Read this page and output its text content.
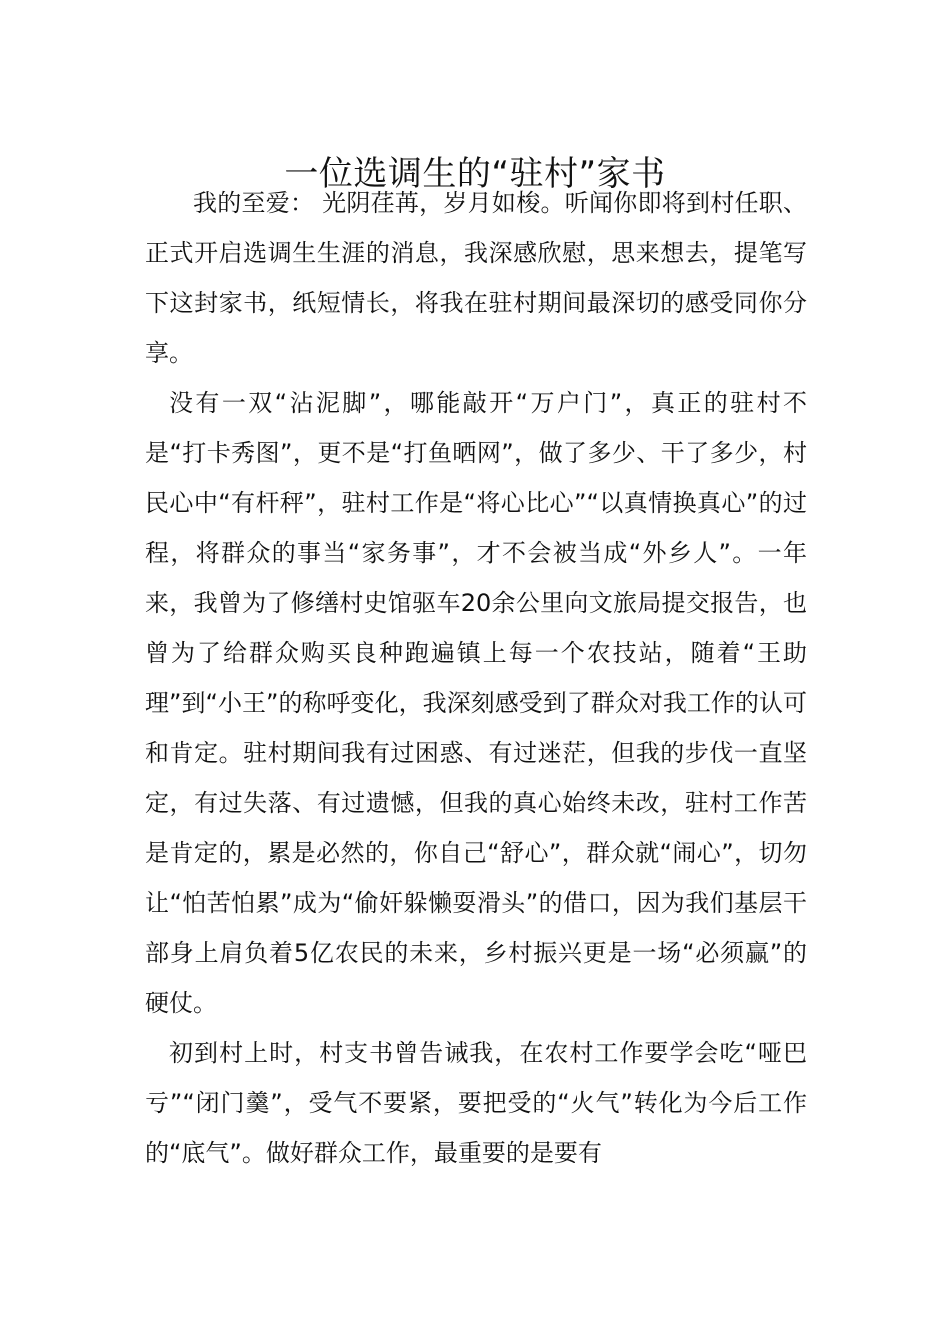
一位选调生的“驻村”家书

我的至爱： 光阴荏苒，岁月如梭。听闻你即将到村任职、正式开启选调生生涯的消息，我深感欣慰，思来想去，提笔写下这封家书，纸短情长，将我在驻村期间最深切的感受同你分享。

没有一双“沾泥脚”，哪能敲开“万户门”，真正的驻村不是“打卡秀图”，更不是“打鱼晒网”，做了多少、干了多少，村民心中“有杆秤”，驻村工作是“将心比心”“以真情换真心”的过程，将群众的事当“家务事”，才不会被当成“外乡人”。一年来，我曾为了修缮村史馆驱车20余公里向文旅局提交报告，也曾为了给群众购买良种跑遍镇上每一个农技站，随着“王助理”到“小王”的称呼变化，我深刻感受到了群众对我工作的认可和肯定。驻村期间我有过困惑、有过迷茫，但我的步伐一直坚定，有过失落、有过遗憾，但我的真心始终未改，驻村工作苦是肯定的，累是必然的，你自己“舒心”，群众就“闹心”，切勿让“怕苦怕累”成为“偷奸躲懒耍滑头”的借口，因为我们基层干部身上肩负着5亿农民的未来，乡村振兴更是一场“必须赢”的硬仗。

初到村上时，村支书曾告诫我，在农村工作要学会吃“哑巴亏”“闭门羹”，受气不要紧，要把受的“火气”转化为今后工作的“底气”。做好群众工作，最重要的是要有
